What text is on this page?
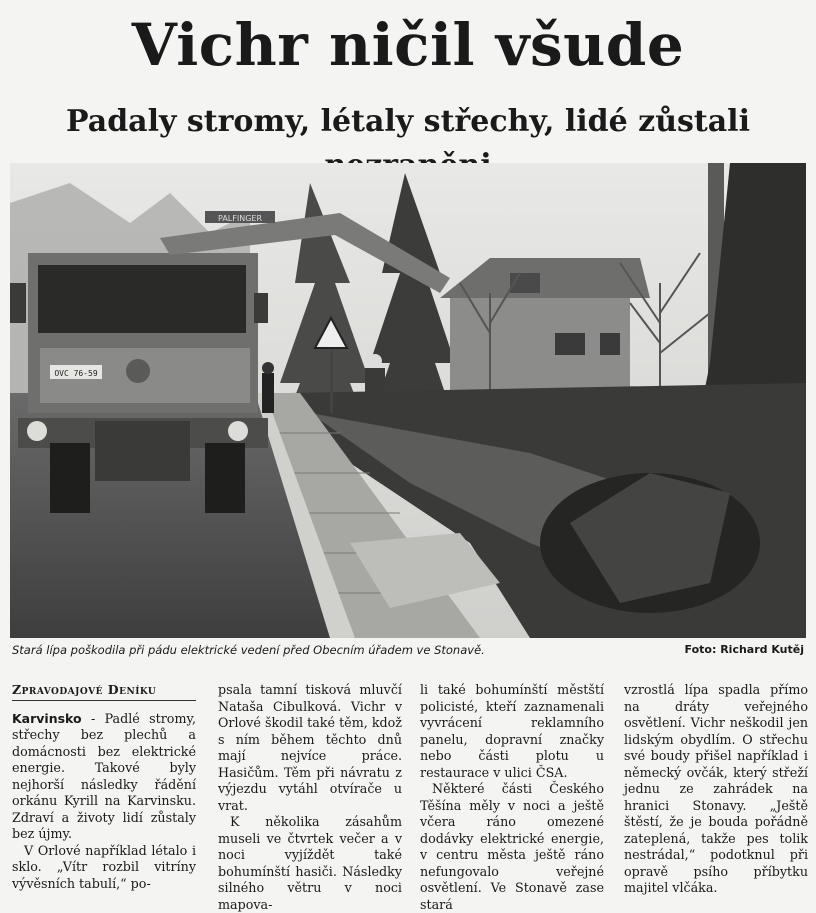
Vichr ničil všude
Padaly stromy, létaly střechy, lidé zůstali
OVC 76-59
PALFINGER
Stará lípa poškodila při pádu elektrické vedení před Obecním úřadem ve Stonavě.	Foto: Richard Kutěj
Zpravodajové Deníku

Karvinsko - Padlé stromy, střechy bez plechů a domácnosti bez elektrické energie. Takové byly nejhorší následky řádění orkánu Kyrill na Karvinsku. Zdraví a životy lidí zůstaly bez újmy.

V Orlové například létalo i sklo. „Vítr rozbil vitríny vývěsních tabulí,“ po-

psala tamní tisková mluvčí Nataša Cibulková. Vichr v Orlové škodil také těm, kdož s ním během těchto dnů mají nejvíce práce. Hasičům. Těm při návratu z výjezdu vytáhl otvírače u vrat.

K několika zásahům museli ve čtvrtek večer a v noci vyjíždět také bohumínští hasiči. Následky silného větru v noci mapova-

li také bohumínští městští policisté, kteří zaznamenali vyvrácení reklamního panelu, dopravní značky nebo části plotu u restaurace v ulici ČSA.

Některé části Českého Těšína měly v noci a ještě včera ráno omezené dodávky elektrické energie, v centru města ještě ráno nefungovalo veřejné osvětlení. Ve Stonavě zase stará

vzrostlá lípa spadla přímo na dráty veřejného osvětlení. Vichr neškodil jen lidským obydlím. O střechu své boudy přišel například i německý ovčák, který střeží jednu ze zahrádek na hranici Stonavy. „Ještě štěstí, že je bouda pořádně zateplená, takže pes tolik nestrádal,“ podotknul při opravě psího příbytku majitel vlčáka.
